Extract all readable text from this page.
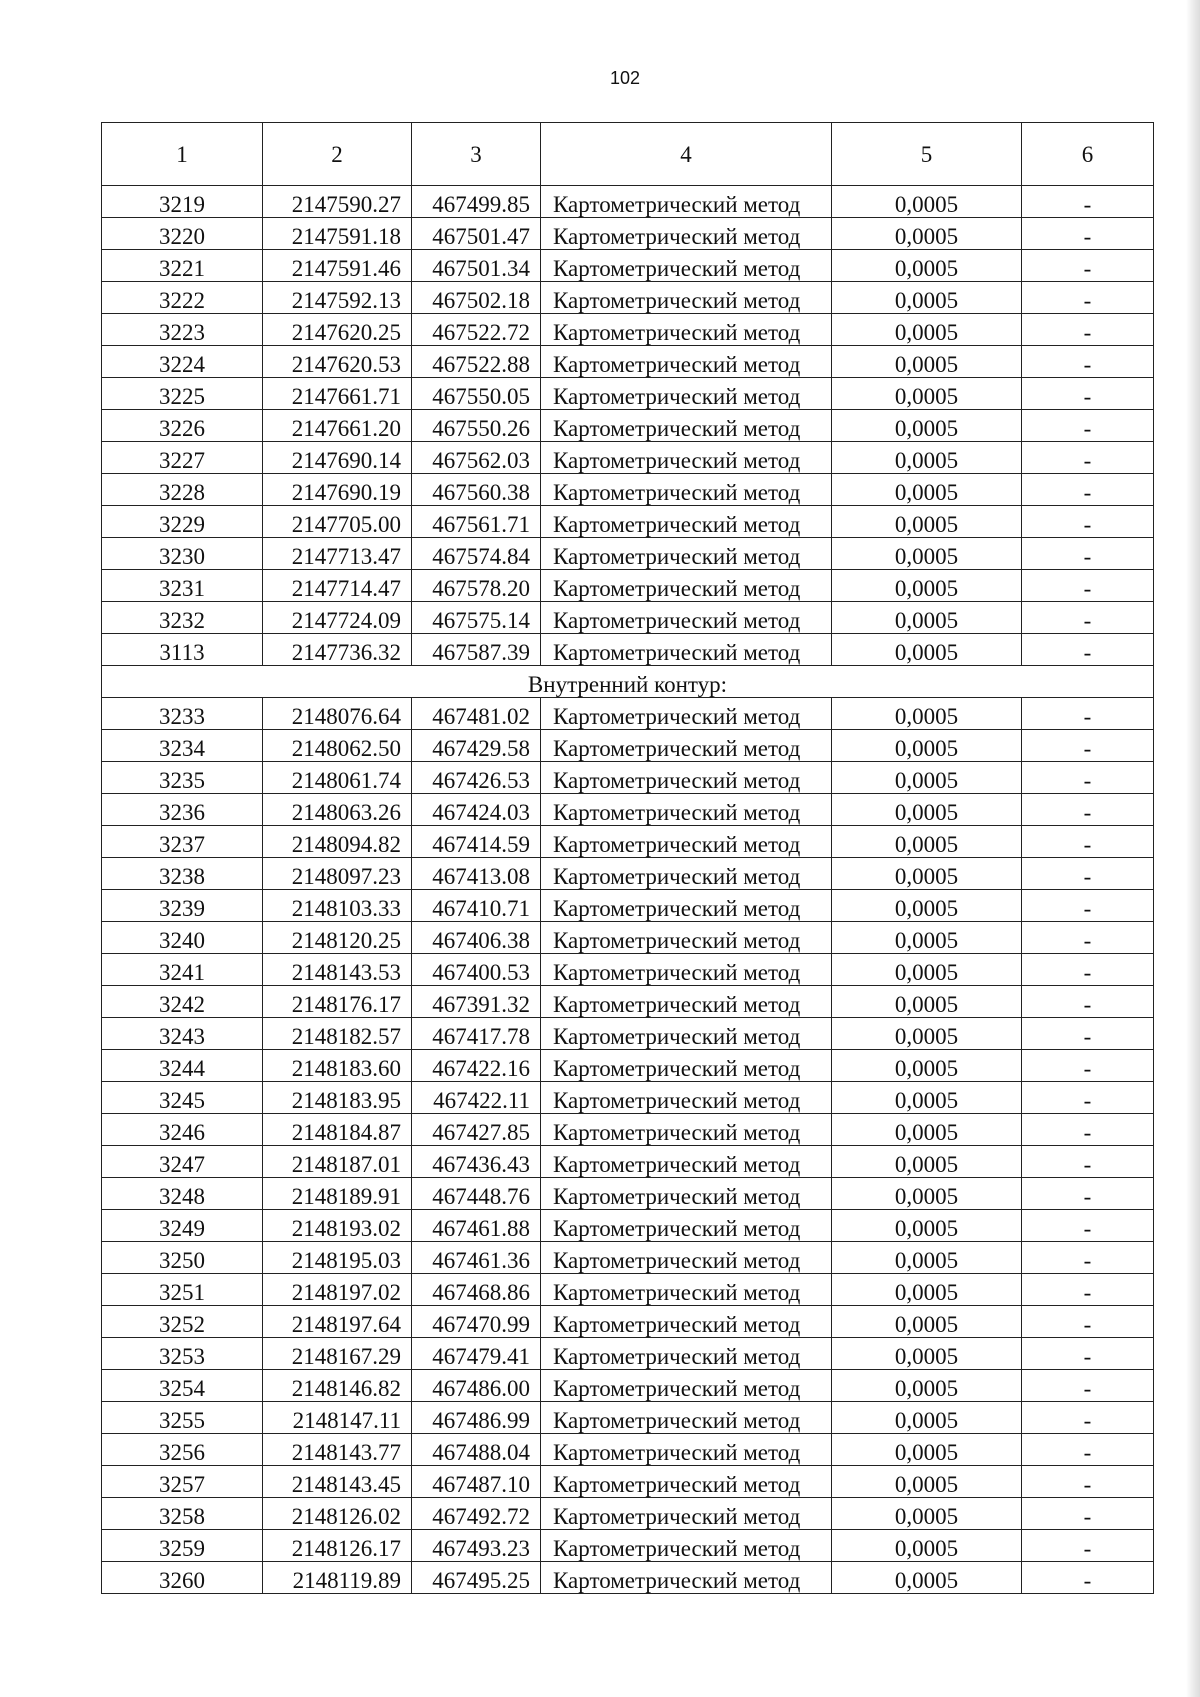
102
1	2	3	4	5	6
3219	2147590.27	467499.85	Картометрический метод	0,0005	-
3220	2147591.18	467501.47	Картометрический метод	0,0005	-
3221	2147591.46	467501.34	Картометрический метод	0,0005	-
3222	2147592.13	467502.18	Картометрический метод	0,0005	-
3223	2147620.25	467522.72	Картометрический метод	0,0005	-
3224	2147620.53	467522.88	Картометрический метод	0,0005	-
3225	2147661.71	467550.05	Картометрический метод	0,0005	-
3226	2147661.20	467550.26	Картометрический метод	0,0005	-
3227	2147690.14	467562.03	Картометрический метод	0,0005	-
3228	2147690.19	467560.38	Картометрический метод	0,0005	-
3229	2147705.00	467561.71	Картометрический метод	0,0005	-
3230	2147713.47	467574.84	Картометрический метод	0,0005	-
3231	2147714.47	467578.20	Картометрический метод	0,0005	-
3232	2147724.09	467575.14	Картометрический метод	0,0005	-
3113	2147736.32	467587.39	Картометрический метод	0,0005	-
Внутренний контур:					
3233	2148076.64	467481.02	Картометрический метод	0,0005	-
3234	2148062.50	467429.58	Картометрический метод	0,0005	-
3235	2148061.74	467426.53	Картометрический метод	0,0005	-
3236	2148063.26	467424.03	Картометрический метод	0,0005	-
3237	2148094.82	467414.59	Картометрический метод	0,0005	-
3238	2148097.23	467413.08	Картометрический метод	0,0005	-
3239	2148103.33	467410.71	Картометрический метод	0,0005	-
3240	2148120.25	467406.38	Картометрический метод	0,0005	-
3241	2148143.53	467400.53	Картометрический метод	0,0005	-
3242	2148176.17	467391.32	Картометрический метод	0,0005	-
3243	2148182.57	467417.78	Картометрический метод	0,0005	-
3244	2148183.60	467422.16	Картометрический метод	0,0005	-
3245	2148183.95	467422.11	Картометрический метод	0,0005	-
3246	2148184.87	467427.85	Картометрический метод	0,0005	-
3247	2148187.01	467436.43	Картометрический метод	0,0005	-
3248	2148189.91	467448.76	Картометрический метод	0,0005	-
3249	2148193.02	467461.88	Картометрический метод	0,0005	-
3250	2148195.03	467461.36	Картометрический метод	0,0005	-
3251	2148197.02	467468.86	Картометрический метод	0,0005	-
3252	2148197.64	467470.99	Картометрический метод	0,0005	-
3253	2148167.29	467479.41	Картометрический метод	0,0005	-
3254	2148146.82	467486.00	Картометрический метод	0,0005	-
3255	2148147.11	467486.99	Картометрический метод	0,0005	-
3256	2148143.77	467488.04	Картометрический метод	0,0005	-
3257	2148143.45	467487.10	Картометрический метод	0,0005	-
3258	2148126.02	467492.72	Картометрический метод	0,0005	-
3259	2148126.17	467493.23	Картометрический метод	0,0005	-
3260	2148119.89	467495.25	Картометрический метод	0,0005	-
